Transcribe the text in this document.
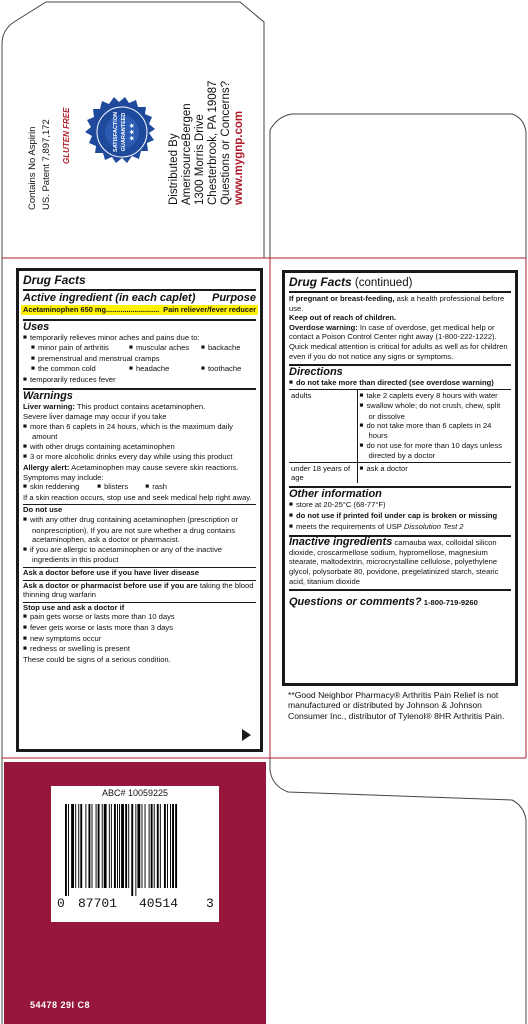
Contains No Aspirin US. Patent 7,897,172 GLUTEN FREE	SATISFACTION GUARANTEED ★★★
Distributed By AmerisourceBergen 1300 Morris Drive Chesterbrook, PA 19087 Questions or Concerns? www.mygnp.com
Drug Facts
Active ingredient (in each caplet) Purpose
Acetaminophen 650 mg.......................... Pain reliever/fever reducer
Uses
■ temporarily relieves minor aches and pains due to:
■ minor pain of arthritis	■ muscular aches	■ backache
■ premenstrual and menstrual cramps
■ the common cold	■ headache	■ toothache
■ temporarily reduces fever
Warnings
Liver warning: This product contains acetaminophen.
Severe liver damage may occur if you take
■ more than 6 caplets in 24 hours, which is the maximum daily amount
■ with other drugs containing acetaminophen
■ 3 or more alcoholic drinks every day while using this product
Allergy alert: Acetaminophen may cause severe skin reactions. Symptoms may include:
■ skin reddening	■ blisters	■ rash
If a skin reaction occurs, stop use and seek medical help right away.
Do not use
■ with any other drug containing acetaminophen (prescription or nonprescription). If you are not sure whether a drug contains acetaminophen, ask a doctor or pharmacist.
■ if you are allergic to acetaminophen or any of the inactive ingredients in this product
Ask a doctor before use if you have liver disease
Ask a doctor or pharmacist before use if you are taking the blood thinning drug warfarin
Stop use and ask a doctor if
■ pain gets worse or lasts more than 10 days
■ fever gets worse or lasts more than 3 days
■ new symptoms occur
■ redness or swelling is present
These could be signs of a serious condition.
Drug Facts (continued)
If pregnant or breast-feeding, ask a health professional before use.
Keep out of reach of children.
Overdose warning: In case of overdose, get medical help or contact a Poison Control Center right away (1-800-222-1222). Quick medical attention is critical for adults as well as for children even if you do not notice any signs or symptoms.
Directions
■ do not take more than directed (see overdose warning)
adults	■ take 2 caplets every 8 hours with water
■ swallow whole; do not crush, chew, split or dissolve
■ do not take more than 6 caplets in 24 hours
■ do not use for more than 10 days unless directed by a doctor

under 18 years of age	■ ask a doctor
Other information
■ store at 20-25°C (68-77°F)
■ do not use if printed foil under cap is broken or missing
■ meets the requirements of USP Dissolution Test 2
Inactive ingredients carnauba wax, colloidal silicon dioxide, croscarmellose sodium, hypromellose, magnesium stearate, maltodextrin, microcrystalline cellulose, polyethylene glycol, polysorbate 80, povidone, pregelatinized starch, stearic acid, titanium dioxide
Questions or comments? 1-800-719-9260
**Good Neighbor Pharmacy® Arthritis Pain Relief is not manufactured or distributed by Johnson & Johnson Consumer Inc., distributor of Tylenol® 8HR Arthritis Pain.
ABC# 10059225
0 87701 40514 3
54478 29l C8
